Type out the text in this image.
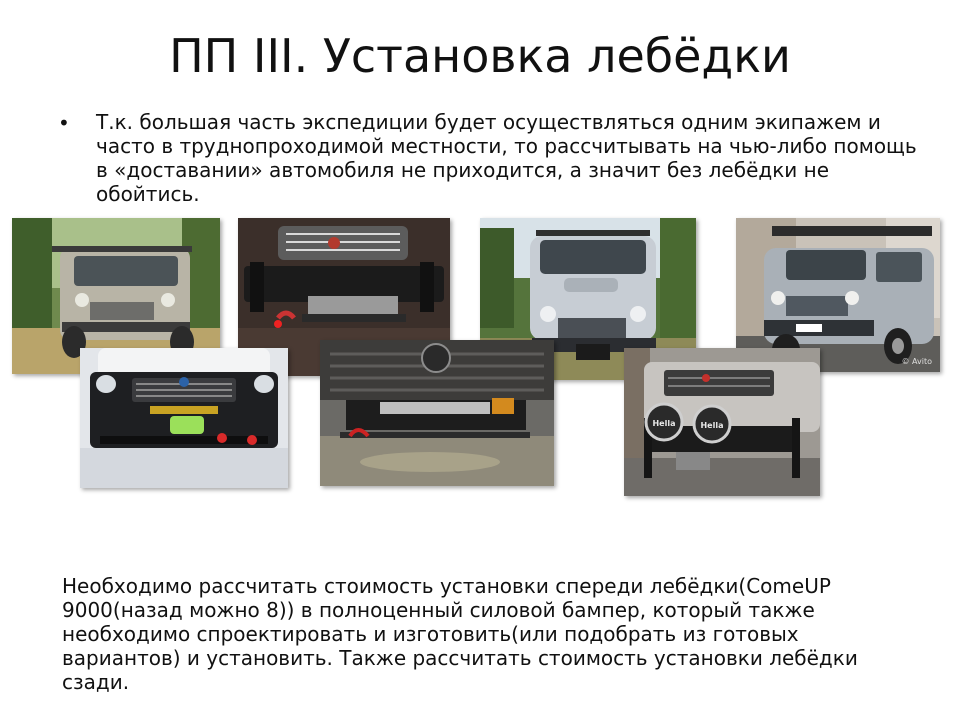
ПП III. Установка лебёдки
• Т.к. большая часть экспедиции будет осуществляться одним экипажем и часто в труднопроходимой местности, то рассчитывать на чью-либо помощь в «доставании» автомобиля не приходится, а значит без лебёдки не обойтись.
© Avito
Hella	Hella
Необходимо рассчитать стоимость установки спереди лебёдки(ComeUP 9000(назад можно 8)) в полноценный силовой бампер, который также необходимо спроектировать и изготовить(или подобрать из готовых вариантов) и установить. Также рассчитать стоимость установки лебёдки сзади.
